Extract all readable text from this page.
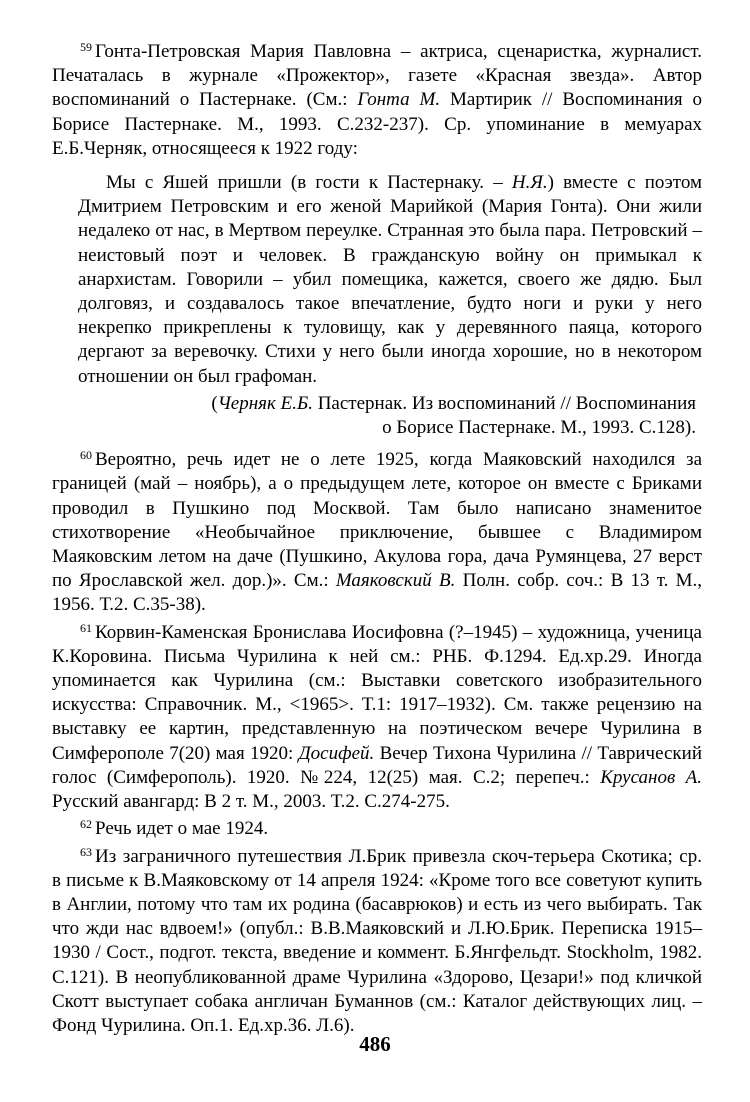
$^{59}$ Гонта-Петровская Мария Павловна – актриса, сценаристка, журналист. Печаталась в журнале «Прожектор», газете «Красная звезда». Автор воспоминаний о Пастернаке. (См.: Гонта М. Мартирик // Воспоминания о Борисе Пастернаке. М., 1993. С.232-237). Ср. упоминание в мемуарах Е.Б.Черняк, относящееся к 1922 году:

Мы с Яшей пришли (в гости к Пастернаку. – Н.Я.) вместе с поэтом Дмитрием Петровским и его женой Марийкой (Мария Гонта). Они жили недалеко от нас, в Мертвом переулке. Странная это была пара. Петровский – неистовый поэт и человек. В гражданскую войну он примыкал к анархистам. Говорили – убил помещика, кажется, своего же дядю. Был долговяз, и создавалось такое впечатление, будто ноги и руки у него некрепко прикреплены к туловищу, как у деревянного паяца, которого дергают за веревочку. Стихи у него были иногда хорошие, но в некотором отношении он был графоман.

(Черняк Е.Б. Пастернак. Из воспоминаний // Воспоминания
о Борисе Пастернаке. М., 1993. С.128).

$^{60}$ Вероятно, речь идет не о лете 1925, когда Маяковский находился за границей (май – ноябрь), а о предыдущем лете, которое он вместе с Бриками проводил в Пушкино под Москвой. Там было написано знаменитое стихотворение «Необычайное приключение, бывшее с Владимиром Маяковским летом на даче (Пушкино, Акулова гора, дача Румянцева, 27 верст по Ярославской жел. дор.)». См.: Маяковский В. Полн. собр. соч.: В 13 т. М., 1956. Т.2. С.35-38).

$^{61}$ Корвин-Каменская Бронислава Иосифовна (?–1945) – художница, ученица К.Коровина. Письма Чурилина к ней см.: РНБ. Ф.1294. Ед.хр.29. Иногда упоминается как Чурилина (см.: Выставки советского изобразительного искусства: Справочник. М., <1965>. Т.1: 1917–1932). См. также рецензию на выставку ее картин, представленную на поэтическом вечере Чурилина в Симферополе 7(20) мая 1920: Досифей. Вечер Тихона Чурилина // Таврический голос (Симферополь). 1920. №224, 12(25) мая. С.2; перепеч.: Крусанов А. Русский авангард: В 2 т. М., 2003. Т.2. С.274-275.

$^{62}$ Речь идет о мае 1924.

$^{63}$ Из заграничного путешествия Л.Брик привезла скоч-терьера Скотика; ср. в письме к В.Маяковскому от 14 апреля 1924: «Кроме того все советуют купить в Англии, потому что там их родина (басаврюков) и есть из чего выбирать. Так что жди нас вдвоем!» (опубл.: В.В.Маяковский и Л.Ю.Брик. Переписка 1915–1930 / Сост., подгот. текста, введение и коммент. Б.Янгфельдт. Stockholm, 1982. С.121). В неопубликованной драме Чурилина «Здорово, Цезари!» под кличкой Скотт выступает собака англичан Буманнов (см.: Каталог действующих лиц. – Фонд Чурилина. Оп.1. Ед.хр.36. Л.6).

486
